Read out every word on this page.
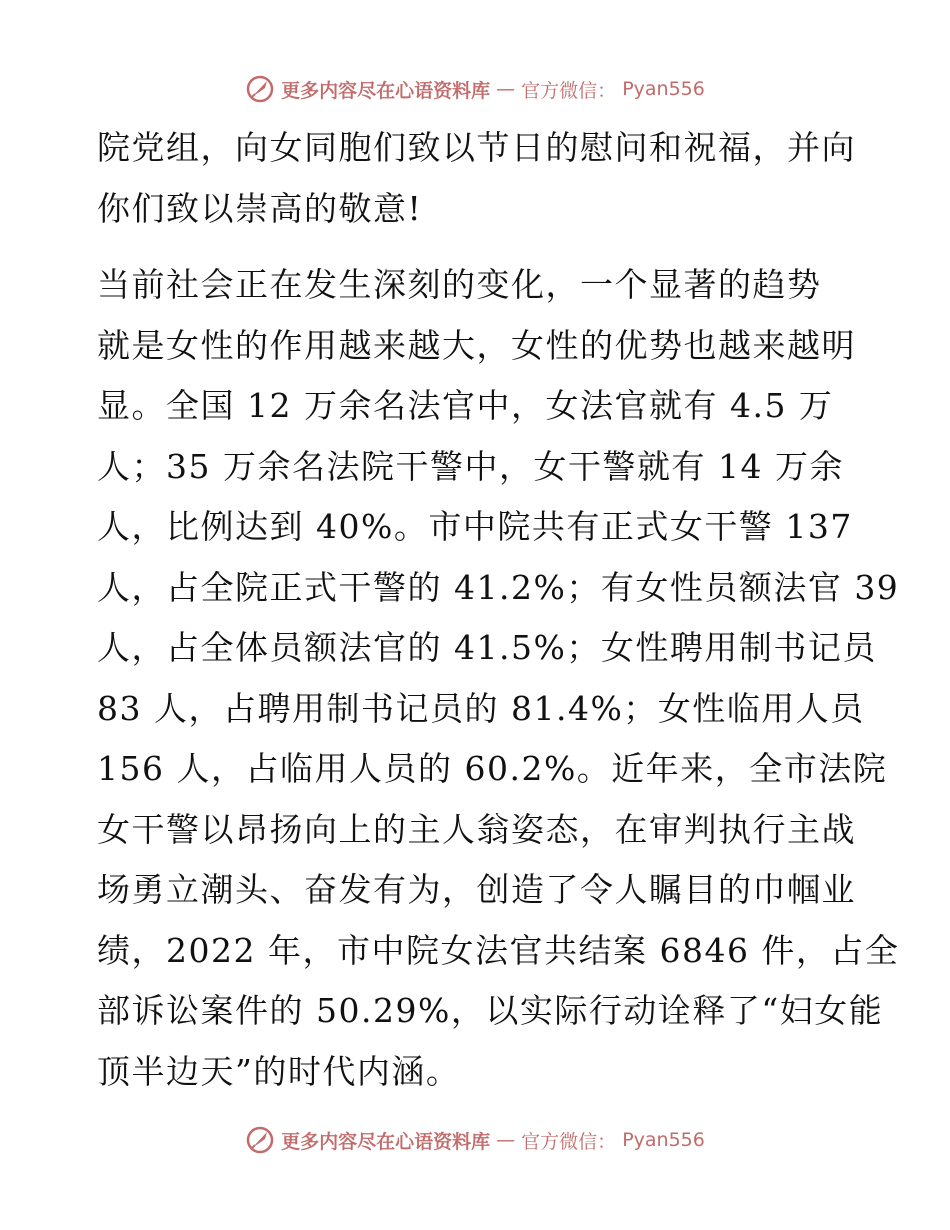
更多内容尽在心语资料库 — 官方微信： Pyan556
院党组，向女同胞们致以节日的慰问和祝福，并向
你们致以崇高的敬意!
当前社会正在发生深刻的变化，一个显著的趋势
就是女性的作用越来越大，女性的优势也越来越明
显。全国 12 万余名法官中，女法官就有 4.5 万
人；35 万余名法院干警中，女干警就有 14 万余
人，比例达到 40%。市中院共有正式女干警 137
人，占全院正式干警的 41.2%；有女性员额法官 39
人，占全体员额法官的 41.5%；女性聘用制书记员
83 人，占聘用制书记员的 81.4%；女性临用人员
156 人，占临用人员的 60.2%。近年来，全市法院
女干警以昂扬向上的主人翁姿态，在审判执行主战
场勇立潮头、奋发有为，创造了令人瞩目的巾帼业
绩，2022 年，市中院女法官共结案 6846 件，占全
部诉讼案件的 50.29%，以实际行动诠释了“妇女能
顶半边天”的时代内涵。
更多内容尽在心语资料库 — 官方微信： Pyan556
